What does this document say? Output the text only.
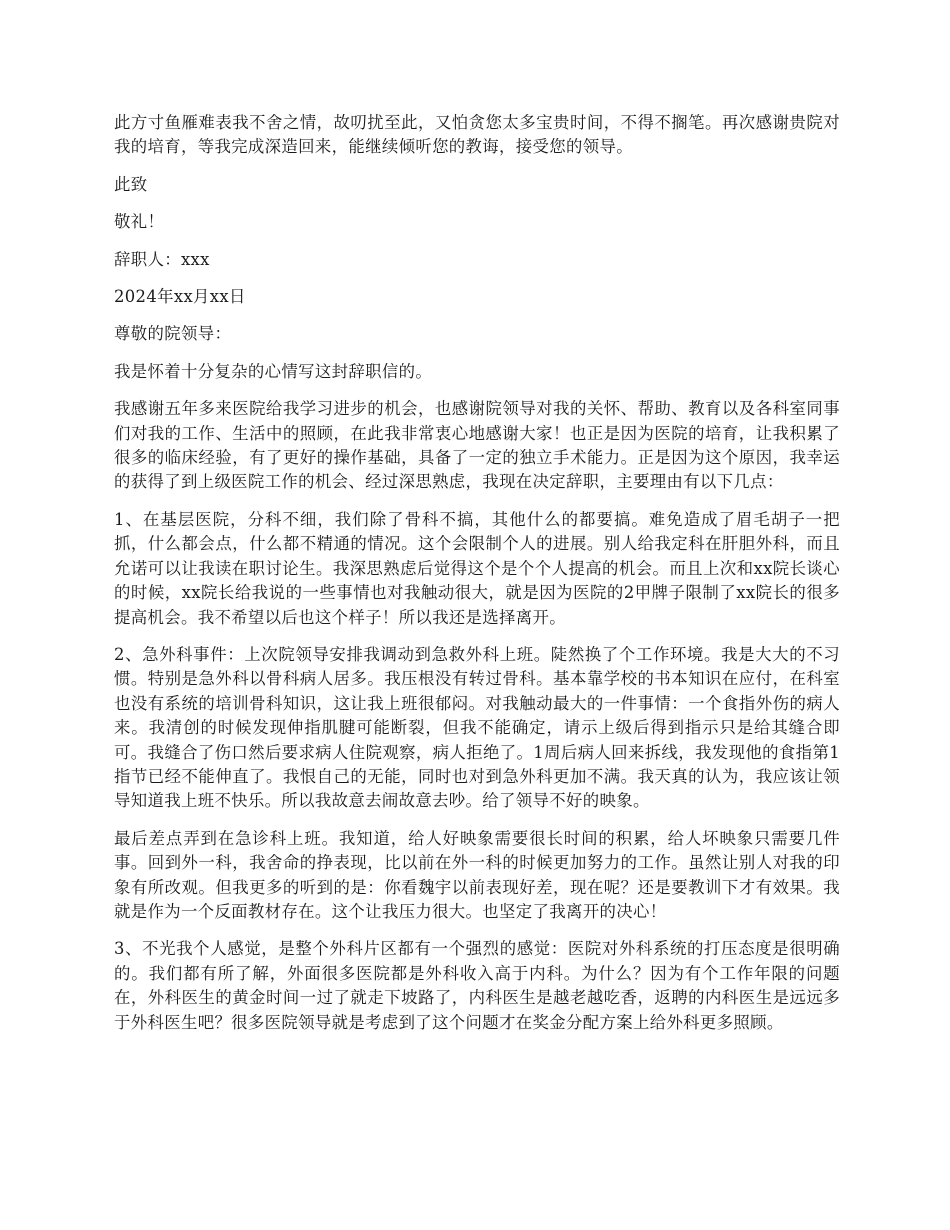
此方寸鱼雁难表我不舍之情，故叨扰至此，又怕贪您太多宝贵时间，不得不搁笔。再次感谢贵院对我的培育，等我完成深造回来，能继续倾听您的教诲，接受您的领导。

此致

敬礼！

辞职人：xxx

2024年xx月xx日

尊敬的院领导：

我是怀着十分复杂的心情写这封辞职信的。

我感谢五年多来医院给我学习进步的机会，也感谢院领导对我的关怀、帮助、教育以及各科室同事们对我的工作、生活中的照顾，在此我非常衷心地感谢大家！也正是因为医院的培育，让我积累了很多的临床经验，有了更好的操作基础，具备了一定的独立手术能力。正是因为这个原因，我幸运的获得了到上级医院工作的机会、经过深思熟虑，我现在决定辞职，主要理由有以下几点：

1、在基层医院，分科不细，我们除了骨科不搞，其他什么的都要搞。难免造成了眉毛胡子一把抓，什么都会点，什么都不精通的情况。这个会限制个人的进展。别人给我定科在肝胆外科，而且允诺可以让我读在职讨论生。我深思熟虑后觉得这个是个个人提高的机会。而且上次和xx院长谈心的时候，xx院长给我说的一些事情也对我触动很大，就是因为医院的2甲牌子限制了xx院长的很多提高机会。我不希望以后也这个样子！所以我还是选择离开。

2、急外科事件：上次院领导安排我调动到急救外科上班。陡然换了个工作环境。我是大大的不习惯。特别是急外科以骨科病人居多。我压根没有转过骨科。基本靠学校的书本知识在应付，在科室也没有系统的培训骨科知识，这让我上班很郁闷。对我触动最大的一件事情：一个食指外伤的病人来。我清创的时候发现伸指肌腱可能断裂，但我不能确定，请示上级后得到指示只是给其缝合即可。我缝合了伤口然后要求病人住院观察，病人拒绝了。1周后病人回来拆线，我发现他的食指第1指节已经不能伸直了。我恨自己的无能，同时也对到急外科更加不满。我天真的认为，我应该让领导知道我上班不快乐。所以我故意去闹故意去吵。给了领导不好的映象。

最后差点弄到在急诊科上班。我知道，给人好映象需要很长时间的积累，给人坏映象只需要几件事。回到外一科，我舍命的挣表现，比以前在外一科的时候更加努力的工作。虽然让别人对我的印象有所改观。但我更多的听到的是：你看魏宇以前表现好差，现在呢？还是要教训下才有效果。我就是作为一个反面教材存在。这个让我压力很大。也坚定了我离开的决心！

3、不光我个人感觉，是整个外科片区都有一个强烈的感觉：医院对外科系统的打压态度是很明确的。我们都有所了解，外面很多医院都是外科收入高于内科。为什么？因为有个工作年限的问题在，外科医生的黄金时间一过了就走下坡路了，内科医生是越老越吃香，返聘的内科医生是远远多于外科医生吧？很多医院领导就是考虑到了这个问题才在奖金分配方案上给外科更多照顾。
